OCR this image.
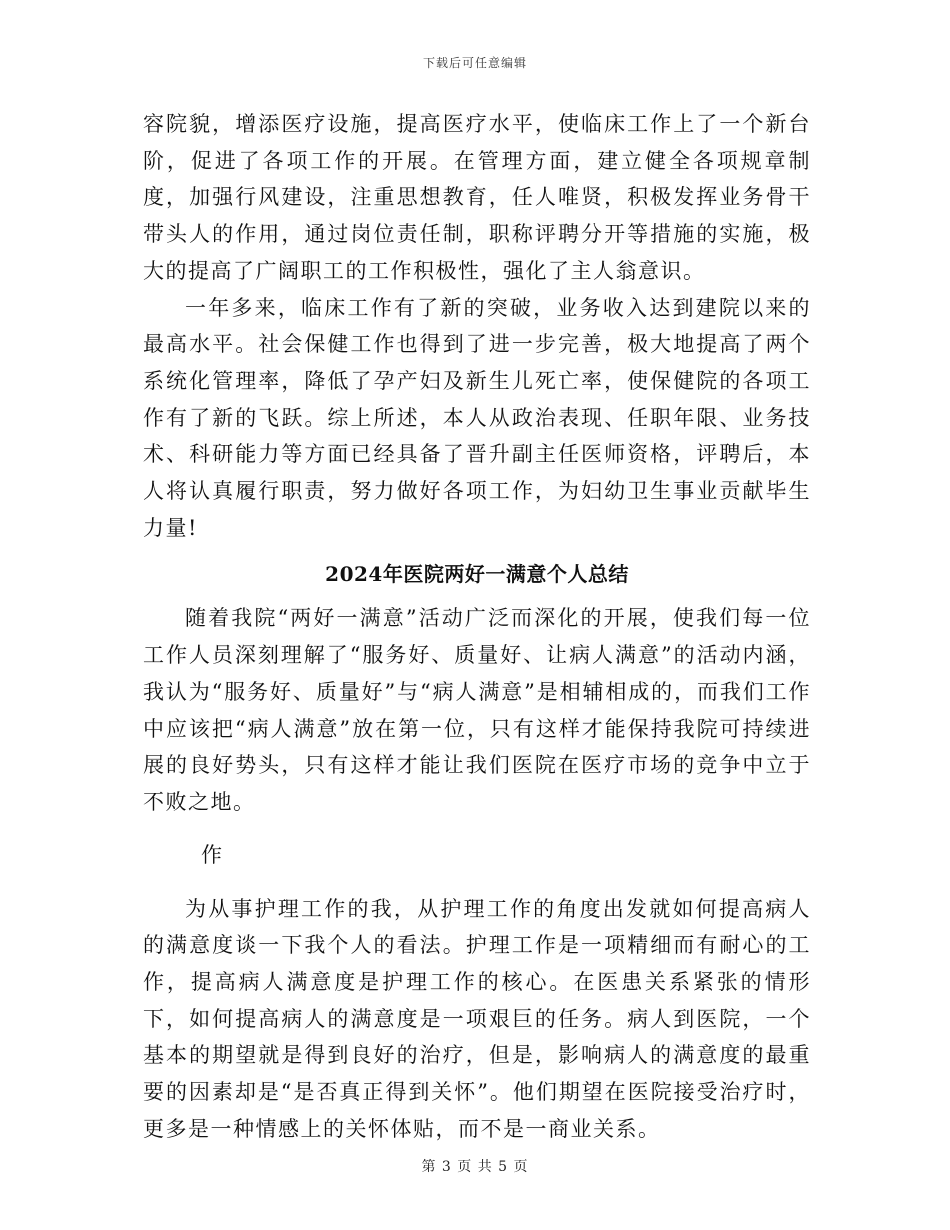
下载后可任意编辑

容院貌，增添医疗设施，提高医疗水平，使临床工作上了一个新台阶，促进了各项工作的开展。在管理方面，建立健全各项规章制度，加强行风建设，注重思想教育，任人唯贤，积极发挥业务骨干带头人的作用，通过岗位责任制，职称评聘分开等措施的实施，极大的提高了广阔职工的工作积极性，强化了主人翁意识。

一年多来，临床工作有了新的突破，业务收入达到建院以来的最高水平。社会保健工作也得到了进一步完善，极大地提高了两个系统化管理率，降低了孕产妇及新生儿死亡率，使保健院的各项工作有了新的飞跃。综上所述，本人从政治表现、任职年限、业务技术、科研能力等方面已经具备了晋升副主任医师资格，评聘后，本人将认真履行职责，努力做好各项工作，为妇幼卫生事业贡献毕生力量!

2024年医院两好一满意个人总结

随着我院“两好一满意”活动广泛而深化的开展，使我们每一位工作人员深刻理解了“服务好、质量好、让病人满意”的活动内涵，我认为“服务好、质量好”与“病人满意”是相辅相成的，而我们工作中应该把“病人满意”放在第一位，只有这样才能保持我院可持续进展的良好势头，只有这样才能让我们医院在医疗市场的竞争中立于不败之地。

作

为从事护理工作的我，从护理工作的角度出发就如何提高病人的满意度谈一下我个人的看法。护理工作是一项精细而有耐心的工作，提高病人满意度是护理工作的核心。在医患关系紧张的情形下，如何提高病人的满意度是一项艰巨的任务。病人到医院，一个基本的期望就是得到良好的治疗，但是，影响病人的满意度的最重要的因素却是“是否真正得到关怀”。他们期望在医院接受治疗时，更多是一种情感上的关怀体贴，而不是一商业关系。

第 3 页 共 5 页
